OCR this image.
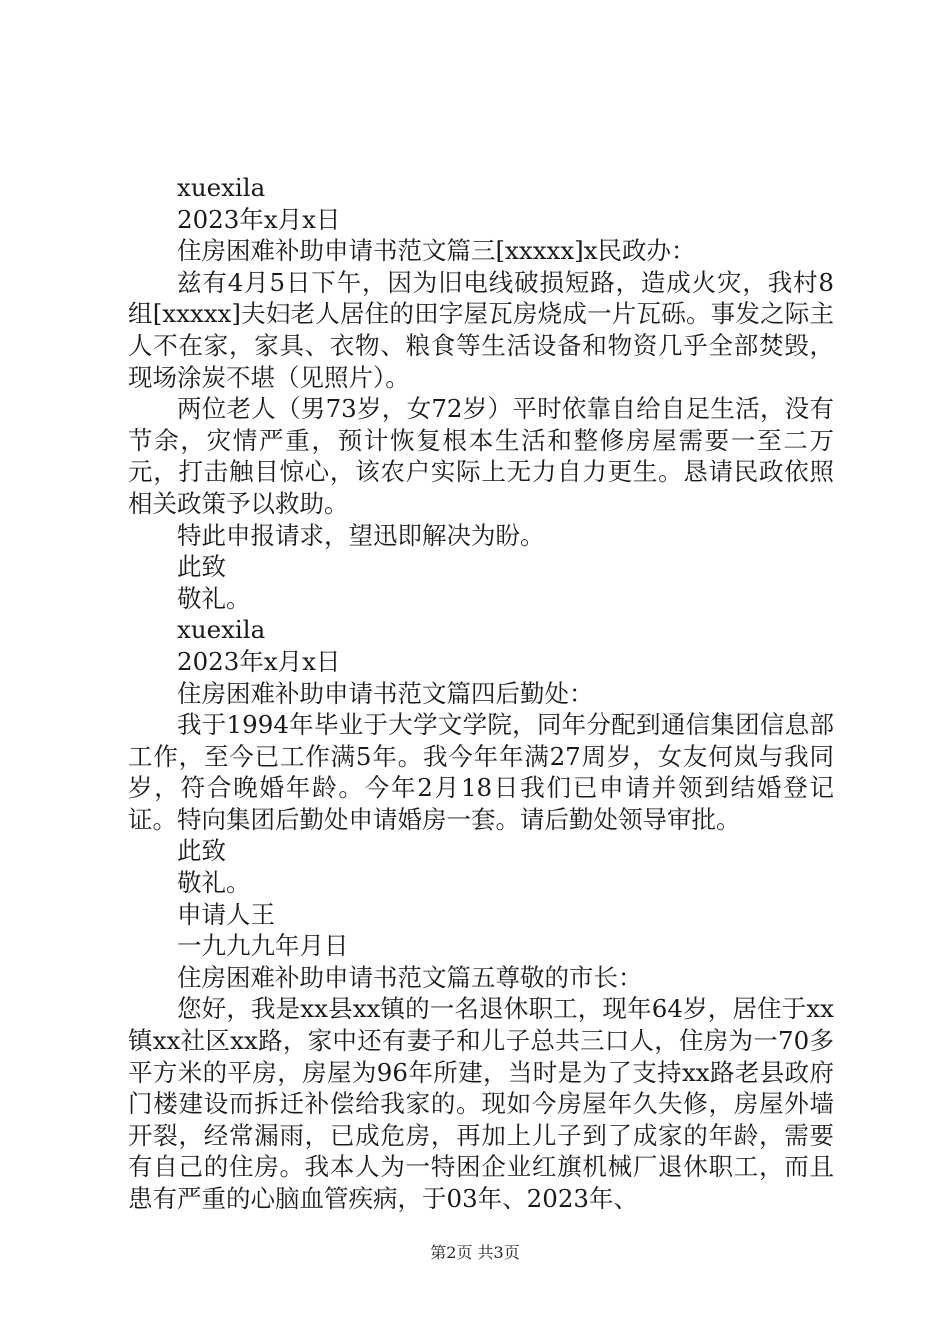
xuexila

2023年x月x日

住房困难补助申请书范文篇三[xxxxx]x民政办：

兹有4月5日下午，因为旧电线破损短路，造成火灾，我村8组[xxxxx]夫妇老人居住的田字屋瓦房烧成一片瓦砾。事发之际主人不在家，家具、衣物、粮食等生活设备和物资几乎全部焚毁，现场涂炭不堪（见照片）。

两位老人（男73岁，女72岁）平时依靠自给自足生活，没有节余，灾情严重，预计恢复根本生活和整修房屋需要一至二万元，打击触目惊心，该农户实际上无力自力更生。恳请民政依照相关政策予以救助。

特此申报请求，望迅即解决为盼。

此致

敬礼。

xuexila

2023年x月x日

住房困难补助申请书范文篇四后勤处：

我于1994年毕业于大学文学院，同年分配到通信集团信息部工作，至今已工作满5年。我今年年满27周岁，女友何岚与我同岁，符合晚婚年龄。今年2月18日我们已申请并领到结婚登记证。特向集团后勤处申请婚房一套。请后勤处领导审批。

此致

敬礼。

申请人王

一九九九年月日

住房困难补助申请书范文篇五尊敬的市长：

您好，我是xx县xx镇的一名退休职工，现年64岁，居住于xx镇xx社区xx路，家中还有妻子和儿子总共三口人，住房为一70多平方米的平房，房屋为96年所建，当时是为了支持xx路老县政府门楼建设而拆迁补偿给我家的。现如今房屋年久失修，房屋外墙开裂，经常漏雨，已成危房，再加上儿子到了成家的年龄，需要有自己的住房。我本人为一特困企业红旗机械厂退休职工，而且患有严重的心脑血管疾病，于03年、2023年、

第2页 共3页
